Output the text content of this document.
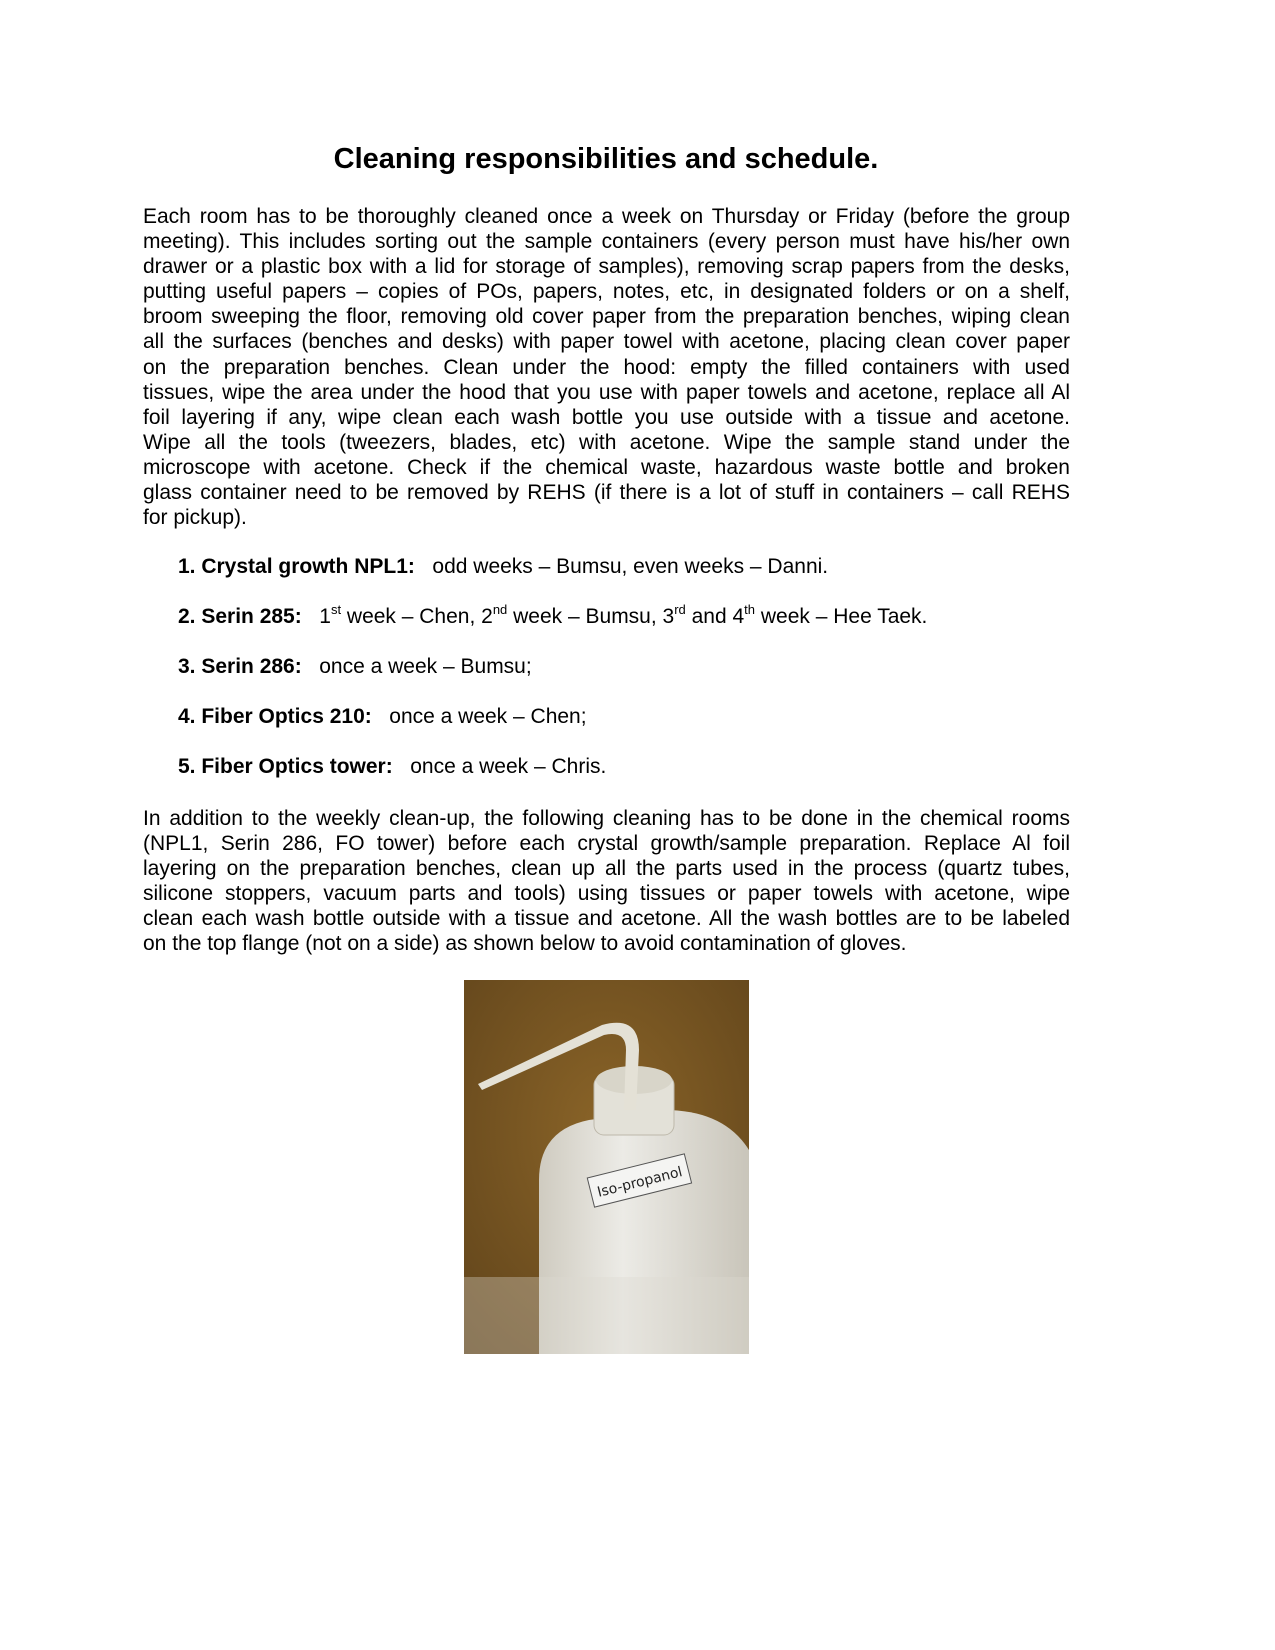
Cleaning responsibilities and schedule.
Each room has to be thoroughly cleaned once a week on Thursday or Friday (before the group
meeting). This includes sorting out the sample containers (every person must have his/her own
drawer or a plastic box with a lid for storage of samples), removing scrap papers from the desks,
putting useful papers – copies of POs, papers, notes, etc, in designated folders or on a shelf,
broom sweeping the floor, removing old cover paper from the preparation benches, wiping clean
all the surfaces (benches and desks) with paper towel with acetone, placing clean cover paper
on the preparation benches. Clean under the hood: empty the filled containers with used
tissues, wipe the area under the hood that you use with paper towels and acetone, replace all Al
foil layering if any, wipe clean each wash bottle you use outside with a tissue and acetone.
Wipe all the tools (tweezers, blades, etc) with acetone. Wipe the sample stand under the
microscope with acetone. Check if the chemical waste, hazardous waste bottle and broken
glass container need to be removed by REHS (if there is a lot of stuff in containers – call REHS
for pickup).
1. Crystal growth NPL1: odd weeks – Bumsu, even weeks – Danni.
2. Serin 285: 1st week – Chen, 2nd week – Bumsu, 3rd and 4th week – Hee Taek.
3. Serin 286: once a week – Bumsu;
4. Fiber Optics 210: once a week – Chen;
5. Fiber Optics tower: once a week – Chris.
In addition to the weekly clean-up, the following cleaning has to be done in the chemical rooms
(NPL1, Serin 286, FO tower) before each crystal growth/sample preparation. Replace Al foil
layering on the preparation benches, clean up all the parts used in the process (quartz tubes,
silicone stoppers, vacuum parts and tools) using tissues or paper towels with acetone, wipe
clean each wash bottle outside with a tissue and acetone. All the wash bottles are to be labeled
on the top flange (not on a side) as shown below to avoid contamination of gloves.
Iso-propanol
